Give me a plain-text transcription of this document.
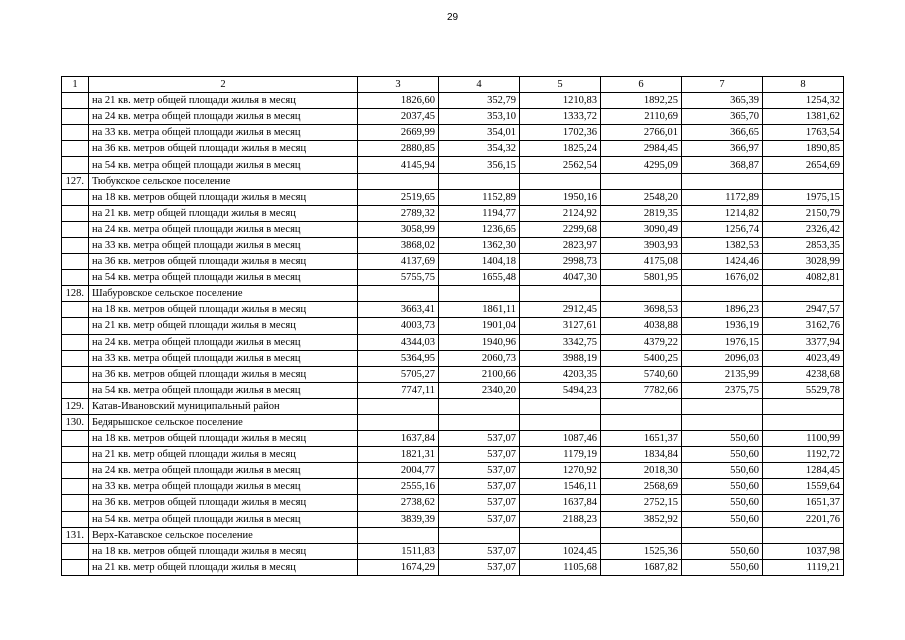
29
1	2	3	4	5	6	7	8
	на 21 кв. метр общей площади жилья в месяц	1826,60	352,79	1210,83	1892,25	365,39	1254,32
	на 24 кв. метра общей площади жилья в месяц	2037,45	353,10	1333,72	2110,69	365,70	1381,62
	на 33 кв. метра общей площади жилья в месяц	2669,99	354,01	1702,36	2766,01	366,65	1763,54
	на 36 кв. метров общей площади жилья в месяц	2880,85	354,32	1825,24	2984,45	366,97	1890,85
	на 54 кв. метра общей площади жилья в месяц	4145,94	356,15	2562,54	4295,09	368,87	2654,69
127.	Тюбукское сельское поселение						
	на 18 кв. метров общей площади жилья в месяц	2519,65	1152,89	1950,16	2548,20	1172,89	1975,15
	на 21 кв. метр общей площади жилья в месяц	2789,32	1194,77	2124,92	2819,35	1214,82	2150,79
	на 24 кв. метра общей площади жилья в месяц	3058,99	1236,65	2299,68	3090,49	1256,74	2326,42
	на 33 кв. метра общей площади жилья в месяц	3868,02	1362,30	2823,97	3903,93	1382,53	2853,35
	на 36 кв. метров общей площади жилья в месяц	4137,69	1404,18	2998,73	4175,08	1424,46	3028,99
	на 54 кв. метра общей площади жилья в месяц	5755,75	1655,48	4047,30	5801,95	1676,02	4082,81
128.	Шабуровское сельское поселение						
	на 18 кв. метров общей площади жилья в месяц	3663,41	1861,11	2912,45	3698,53	1896,23	2947,57
	на 21 кв. метр общей площади жилья в месяц	4003,73	1901,04	3127,61	4038,88	1936,19	3162,76
	на 24 кв. метра общей площади жилья в месяц	4344,03	1940,96	3342,75	4379,22	1976,15	3377,94
	на 33 кв. метра общей площади жилья в месяц	5364,95	2060,73	3988,19	5400,25	2096,03	4023,49
	на 36 кв. метров общей площади жилья в месяц	5705,27	2100,66	4203,35	5740,60	2135,99	4238,68
	на 54 кв. метра общей площади жилья в месяц	7747,11	2340,20	5494,23	7782,66	2375,75	5529,78
129.	Катав-Ивановский муниципальный район						
130.	Бедярышское сельское поселение						
	на 18 кв. метров общей площади жилья в месяц	1637,84	537,07	1087,46	1651,37	550,60	1100,99
	на 21 кв. метр общей площади жилья в месяц	1821,31	537,07	1179,19	1834,84	550,60	1192,72
	на 24 кв. метра общей площади жилья в месяц	2004,77	537,07	1270,92	2018,30	550,60	1284,45
	на 33 кв. метра общей площади жилья в месяц	2555,16	537,07	1546,11	2568,69	550,60	1559,64
	на 36 кв. метров общей площади жилья в месяц	2738,62	537,07	1637,84	2752,15	550,60	1651,37
	на 54 кв. метра общей площади жилья в месяц	3839,39	537,07	2188,23	3852,92	550,60	2201,76
131.	Верх-Катавское сельское поселение						
	на 18 кв. метров общей площади жилья в месяц	1511,83	537,07	1024,45	1525,36	550,60	1037,98
	на 21 кв. метр общей площади жилья в месяц	1674,29	537,07	1105,68	1687,82	550,60	1119,21
